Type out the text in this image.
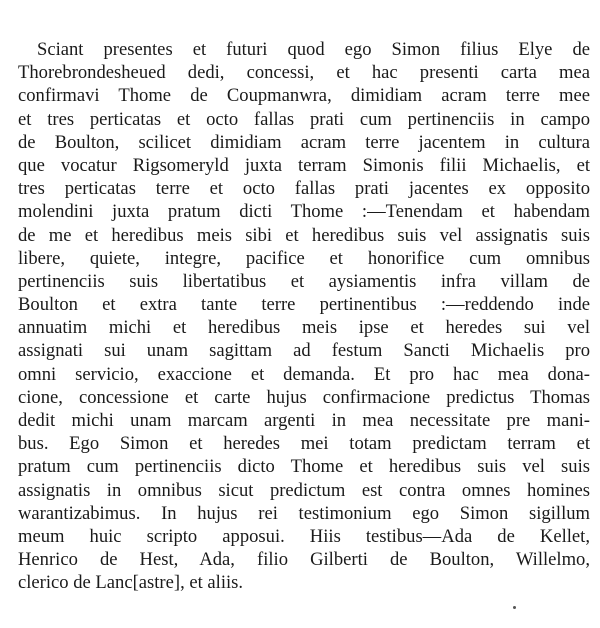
Sciant presentes et futuri quod ego Simon filius Elye de
Thorebrondesheued dedi, concessi, et hac presenti carta mea
confirmavi Thome de Coupmanwra, dimidiam acram terre mee
et tres perticatas et octo fallas prati cum pertinenciis in campo
de Boulton, scilicet dimidiam acram terre jacentem in cultura
que vocatur Rigsomeryld juxta terram Simonis filii Michaelis, et
tres perticatas terre et octo fallas prati jacentes ex opposito
molendini juxta pratum dicti Thome :—Tenendam et habendam
de me et heredibus meis sibi et heredibus suis vel assignatis suis
libere, quiete, integre, pacifice et honorifice cum omnibus
pertinenciis suis libertatibus et aysiamentis infra villam de
Boulton et extra tante terre pertinentibus :—reddendo inde
annuatim michi et heredibus meis ipse et heredes sui vel
assignati sui unam sagittam ad festum Sancti Michaelis pro
omni servicio, exaccione et demanda. Et pro hac mea dona-
cione, concessione et carte hujus confirmacione predictus Thomas
dedit michi unam marcam argenti in mea necessitate pre mani-
bus. Ego Simon et heredes mei totam predictam terram et
pratum cum pertinenciis dicto Thome et heredibus suis vel suis
assignatis in omnibus sicut predictum est contra omnes homines
warantizabimus. In hujus rei testimonium ego Simon sigillum
meum huic scripto apposui. Hiis testibus—Ada de Kellet,
Henrico de Hest, Ada, filio Gilberti de Boulton, Willelmo,
clerico de Lanc[astre], et aliis.
